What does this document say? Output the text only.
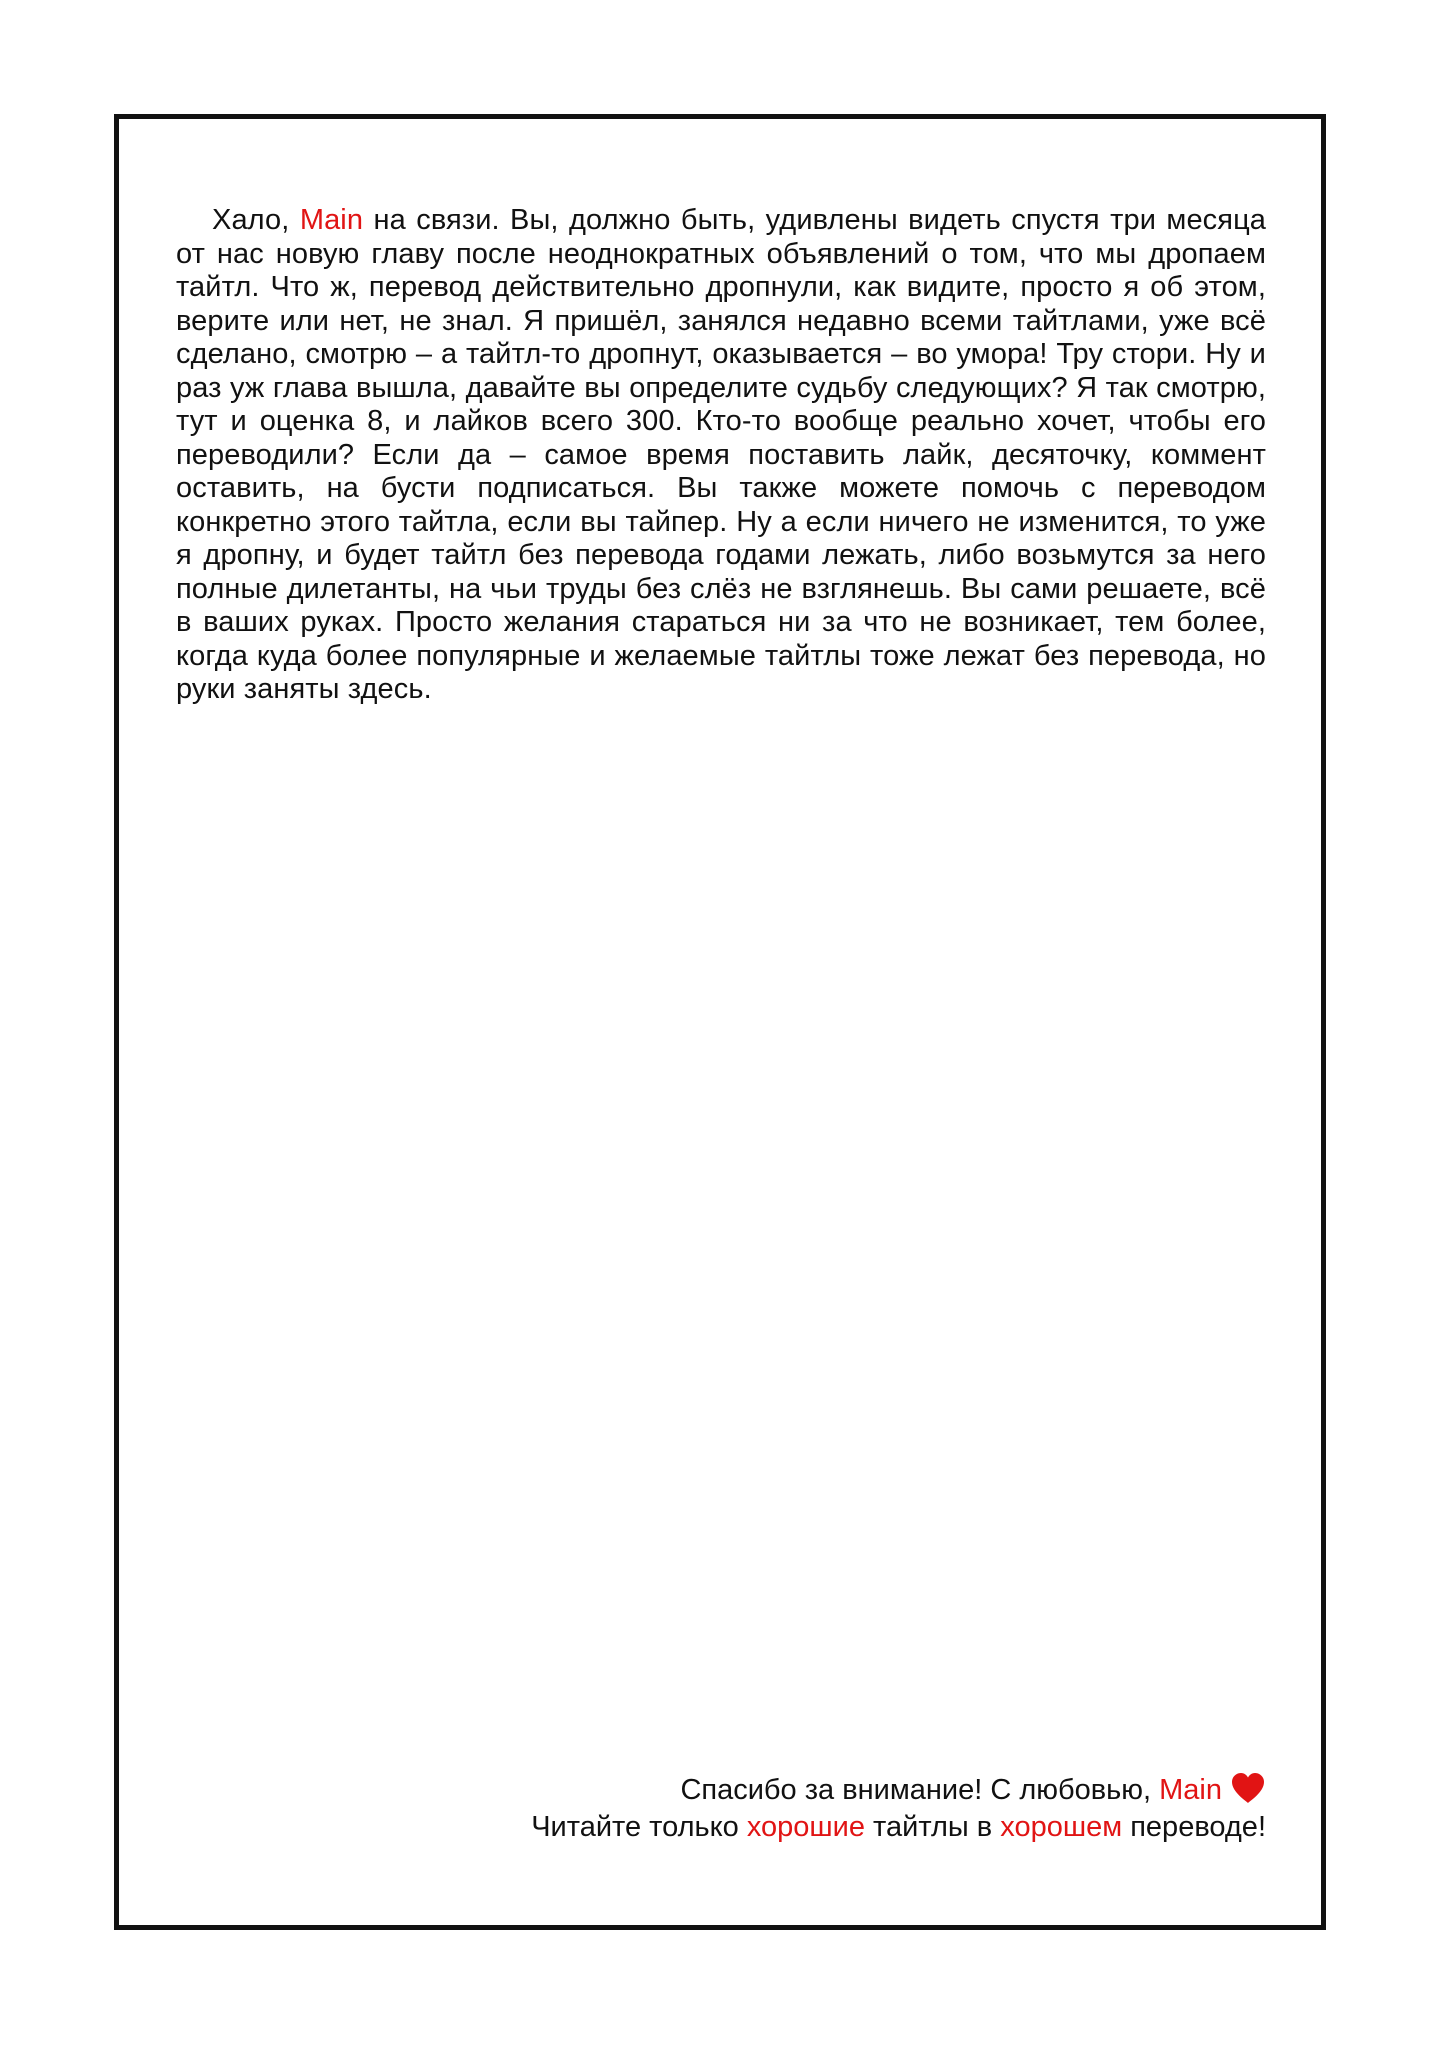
Хало, Main на связи. Вы, должно быть, удивлены видеть спустя три месяца от нас новую главу после неоднократных объявлений о том, что мы дропаем тайтл. Что ж, перевод действительно дропнули, как видите, просто я об этом, верите или нет, не знал. Я пришёл, занялся недавно всеми тайтлами, уже всё сделано, смотрю – а тайтл-то дропнут, оказывается – во умора! Тру стори. Ну и раз уж глава вышла, давайте вы определите судьбу следующих? Я так смотрю, тут и оценка 8, и лайков всего 300. Кто-то вообще реально хочет, чтобы его переводили? Если да – самое время поставить лайк, десяточку, коммент оставить, на бусти подписаться. Вы также можете помочь с переводом конкретно этого тайтла, если вы тайпер. Ну а если ничего не изменится, то уже я дропну, и будет тайтл без перевода годами лежать, либо возьмутся за него полные дилетанты, на чьи труды без слёз не взглянешь. Вы сами решаете, всё в ваших руках. Просто желания стараться ни за что не возникает, тем более, когда куда более популярные и желаемые тайтлы тоже лежат без перевода, но руки заняты здесь.

Спасибо за внимание! С любовью, Main
Читайте только хорошие тайтлы в хорошем переводе!
